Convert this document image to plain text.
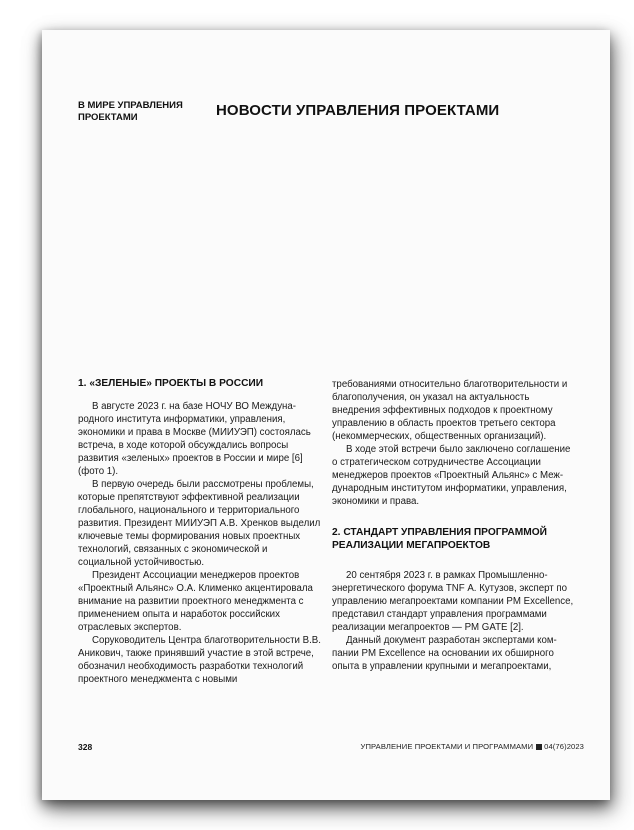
В МИРЕ УПРАВЛЕНИЯ ПРОЕКТАМИ	НОВОСТИ УПРАВЛЕНИЯ ПРОЕКТАМИ
1. «ЗЕЛЕНЫЕ» ПРОЕКТЫ В РОССИИ

В августе 2023 г. на базе НОЧУ ВО Международного института информатики, управления, экономики и права в Москве (МИИУЭП) состоялась встреча, в ходе которой обсуждались вопросы развития «зеленых» проектов в России и мире [6] (фото 1).

В первую очередь были рассмотрены проблемы, которые препятствуют эффективной реализации глобального, национального и территориального развития. Президент МИИУЭП А.В. Хренков выделил ключевые темы формирования новых проектных технологий, связанных с экономической и социальной устойчивостью.

Президент Ассоциации менеджеров проектов «Проектный Альянс» О.А. Клименко акцентировала внимание на развитии проектного менеджмента с применением опыта и наработок российских отраслевых экспертов.

Соруководитель Центра благотворительности В.В. Аникович, также принявший участие в этой встрече, обозначил необходимость разработки технологий проектного менеджмента с новыми

требованиями относительно благотворительности и благополучения, он указал на актуальность внедрения эффективных подходов к проектному управлению в область проектов третьего сектора (некоммерческих, общественных организаций).

В ходе этой встречи было заключено соглашение о стратегическом сотрудничестве Ассоциации менеджеров проектов «Проектный Альянс» с Международным институтом информатики, управления, экономики и права.

2. СТАНДАРТ УПРАВЛЕНИЯ ПРОГРАММОЙ РЕАЛИЗАЦИИ МЕГАПРОЕКТОВ

20 сентября 2023 г. в рамках Промышленно-энергетического форума TNF А. Кутузов, эксперт по управлению мегапроектами компании PM Excellence, представил стандарт управления программами реализации мегапроектов — PM GATE [2].

Данный документ разработан экспертами компании PM Excellence на основании их обширного опыта в управлении крупными и мегапроектами,

328	УПРАВЛЕНИЕ ПРОЕКТАМИ И ПРОГРАММАМИ 04(76)2023
